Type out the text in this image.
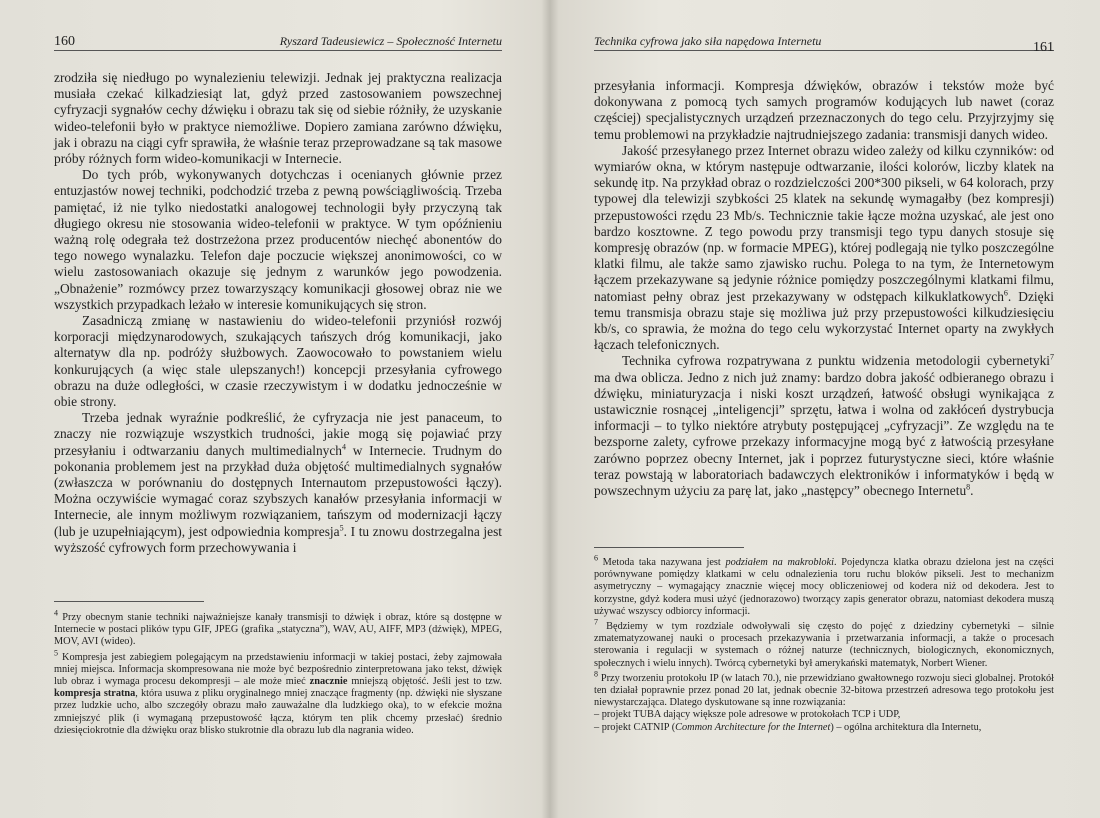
160	Ryszard Tadeusiewicz – Społeczność Internetu

zrodziła się niedługo po wynalezieniu telewizji. Jednak jej praktyczna realizacja musiała czekać kilkadziesiąt lat, gdyż przed zastosowaniem powszechnej cyfryzacji sygnałów cechy dźwięku i obrazu tak się od siebie różniły, że uzyskanie wideo-telefonii było w praktyce niemożliwe. Dopiero zamiana zarówno dźwięku, jak i obrazu na ciągi cyfr sprawiła, że właśnie teraz przeprowadzane są tak masowe próby różnych form wideo-komunikacji w Internecie.

Do tych prób, wykonywanych dotychczas i ocenianych głównie przez entuzjastów nowej techniki, podchodzić trzeba z pewną powściągliwością. Trzeba pamiętać, iż nie tylko niedostatki analogowej technologii były przyczyną tak długiego okresu nie stosowania wideo-telefonii w praktyce. W tym opóźnieniu ważną rolę odegrała też dostrzeżona przez producentów niechęć abonentów do tego nowego wynalazku. Telefon daje poczucie większej anonimowości, co w wielu zastosowaniach okazuje się jednym z warunków jego powodzenia. „Obnażenie” rozmówcy przez towarzyszący komunikacji głosowej obraz nie we wszystkich przypadkach leżało w interesie komunikujących się stron.

Zasadniczą zmianę w nastawieniu do wideo-telefonii przyniósł rozwój korporacji międzynarodowych, szukających tańszych dróg komunikacji, jako alternatyw dla np. podróży służbowych. Zaowocowało to powstaniem wielu konkurujących (a więc stale ulepszanych!) koncepcji przesyłania cyfrowego obrazu na duże odległości, w czasie rzeczywistym i w dodatku jednocześnie w obie strony.

Trzeba jednak wyraźnie podkreślić, że cyfryzacja nie jest panaceum, to znaczy nie rozwiązuje wszystkich trudności, jakie mogą się pojawiać przy przesyłaniu i odtwarzaniu danych multimedialnych$^4$ w Internecie. Trudnym do pokonania problemem jest na przykład duża objętość multimedialnych sygnałów (zwłaszcza w porównaniu do dostępnych Internautom przepustowości łączy). Można oczywiście wymagać coraz szybszych kanałów przesyłania informacji w Internecie, ale innym możliwym rozwiązaniem, tańszym od modernizacji łączy (lub je uzupełniającym), jest odpowiednia kompresja$^5$. I tu znowu dostrzegalna jest wyższość cyfrowych form przechowywania i

$^4$ Przy obecnym stanie techniki najważniejsze kanały transmisji to dźwięk i obraz, które są dostępne w Internecie w postaci plików typu GIF, JPEG (grafika „statyczna”), WAV, AU, AIFF, MP3 (dźwięk), MPEG, MOV, AVI (wideo).

$^5$ Kompresja jest zabiegiem polegającym na przedstawieniu informacji w takiej postaci, żeby zajmowała mniej miejsca. Informacja skompresowana nie może być bezpośrednio zinterpretowana jako tekst, dźwięk lub obraz i wymaga procesu dekompresji – ale może mieć znacznie mniejszą objętość. Jeśli jest to tzw. kompresja stratna, która usuwa z pliku oryginalnego mniej znaczące fragmenty (np. dźwięki nie słyszane przez ludzkie ucho, albo szczegóły obrazu mało zauważalne dla ludzkiego oka), to w efekcie można zmniejszyć plik (i wymaganą przepustowość łącza, którym ten plik chcemy przesłać) średnio dziesięciokrotnie dla dźwięku oraz blisko stukrotnie dla obrazu lub dla nagrania wideo.

Technika cyfrowa jako siła napędowa Internetu	161

przesyłania informacji. Kompresja dźwięków, obrazów i tekstów może być dokonywana z pomocą tych samych programów kodujących lub nawet (coraz częściej) specjalistycznych urządzeń przeznaczonych do tego celu. Przyjrzyjmy się temu problemowi na przykładzie najtrudniejszego zadania: transmisji danych wideo.

Jakość przesyłanego przez Internet obrazu wideo zależy od kilku czynników: od wymiarów okna, w którym następuje odtwarzanie, ilości kolorów, liczby klatek na sekundę itp. Na przykład obraz o rozdzielczości 200*300 pikseli, w 64 kolorach, przy typowej dla telewizji szybkości 25 klatek na sekundę wymagałby (bez kompresji) przepustowości rzędu 23 Mb/s. Technicznie takie łącze można uzyskać, ale jest ono bardzo kosztowne. Z tego powodu przy transmisji tego typu danych stosuje się kompresję obrazów (np. w formacie MPEG), której podlegają nie tylko poszczególne klatki filmu, ale także samo zjawisko ruchu. Polega to na tym, że Internetowym łączem przekazywane są jedynie różnice pomiędzy poszczególnymi klatkami filmu, natomiast pełny obraz jest przekazywany w odstępach kilkuklatkowych$^6$. Dzięki temu transmisja obrazu staje się możliwa już przy przepustowości kilkudziesięciu kb/s, co sprawia, że można do tego celu wykorzystać Internet oparty na zwykłych łączach telefonicznych.

Technika cyfrowa rozpatrywana z punktu widzenia metodologii cybernetyki$^7$ ma dwa oblicza. Jedno z nich już znamy: bardzo dobra jakość odbieranego obrazu i dźwięku, miniaturyzacja i niski koszt urządzeń, łatwość obsługi wynikająca z ustawicznie rosnącej „inteligencji” sprzętu, łatwa i wolna od zakłóceń dystrybucja informacji – to tylko niektóre atrybuty postępującej „cyfryzacji”. Ze względu na te bezsporne zalety, cyfrowe przekazy informacyjne mogą być z łatwością przesyłane zarówno poprzez obecny Internet, jak i poprzez futurystyczne sieci, które właśnie teraz powstają w laboratoriach badawczych elektroników i informatyków i będą w powszechnym użyciu za parę lat, jako „następcy” obecnego Internetu$^8$.

$^6$ Metoda taka nazywana jest podziałem na makrobloki. Pojedyncza klatka obrazu dzielona jest na części porównywane pomiędzy klatkami w celu odnalezienia toru ruchu bloków pikseli. Jest to mechanizm asymetryczny – wymagający znacznie więcej mocy obliczeniowej od kodera niż od dekodera. Jest to korzystne, gdyż kodera musi użyć (jednorazowo) tworzący zapis generator obrazu, natomiast dekodera muszą używać wszyscy odbiorcy informacji.

$^7$ Będziemy w tym rozdziale odwoływali się często do pojęć z dziedziny cybernetyki – silnie zmatematyzowanej nauki o procesach przekazywania i przetwarzania informacji, a także o procesach sterowania i regulacji w systemach o różnej naturze (technicznych, biologicznych, ekonomicznych, społecznych i wielu innych). Twórcą cybernetyki był amerykański matematyk, Norbert Wiener.

$^8$ Przy tworzeniu protokołu IP (w latach 70.), nie przewidziano gwałtownego rozwoju sieci globalnej. Protokół ten działał poprawnie przez ponad 20 lat, jednak obecnie 32-bitowa przestrzeń adresowa tego protokołu jest niewystarczająca. Dlatego dyskutowane są inne rozwiązania:

– projekt TUBA dający większe pole adresowe w protokołach TCP i UDP,

– projekt CATNIP (Common Architecture for the Internet) – ogólna architektura dla Internetu,
